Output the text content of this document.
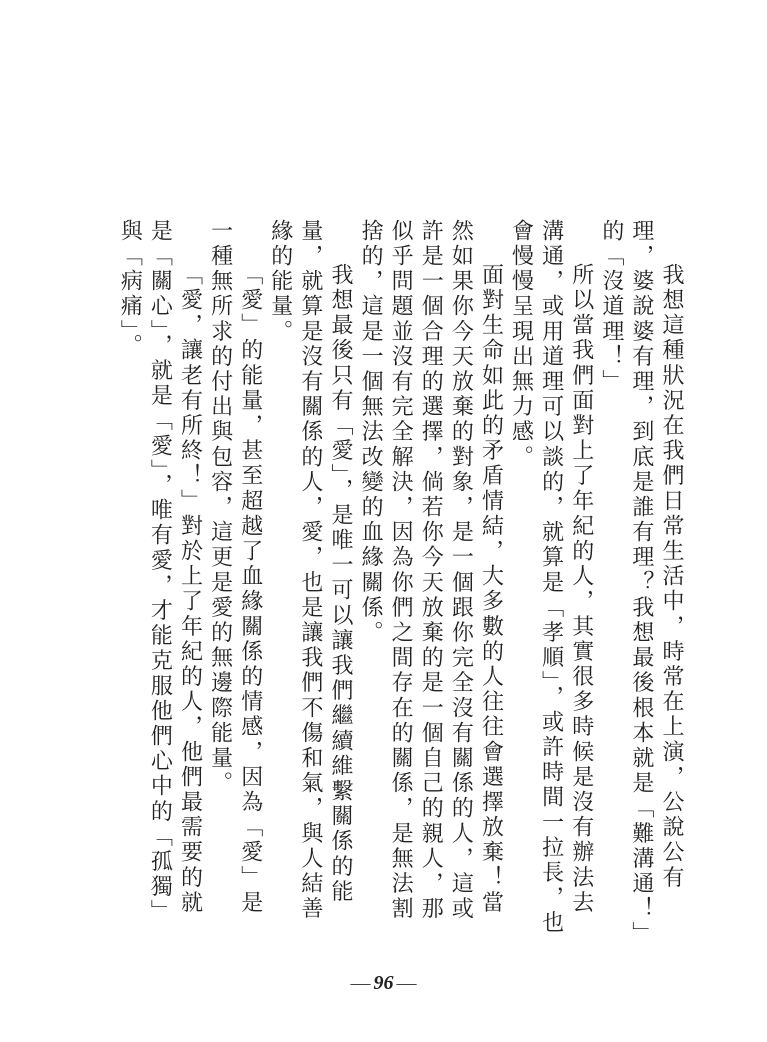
我想這種狀況在我們日常生活中，時常在上演，公說公有理，婆說婆有理，到底是誰有理？我想最後根本就是「難溝通！」的「沒道理！」

所以當我們面對上了年紀的人，其實很多時候是沒有辦法去溝通，或用道理可以談的，就算是「孝順」，或許時間一拉長，也會慢慢呈現出無力感。

面對生命如此的矛盾情結，大多數的人往往會選擇放棄！當然如果你今天放棄的對象，是一個跟你完全沒有關係的人，這或許是一個合理的選擇，倘若你今天放棄的是一個自己的親人，那似乎問題並沒有完全解決，因為你們之間存在的關係，是無法割捨的，這是一個無法改變的血緣關係。

我想最後只有「愛」，是唯一可以讓我們繼續維繫關係的能量，就算是沒有關係的人，愛，也是讓我們不傷和氣，與人結善緣的能量。

「愛」的能量，甚至超越了血緣關係的情感，因為「愛」是一種無所求的付出與包容，這更是愛的無邊際能量。

「愛，讓老有所終！」對於上了年紀的人，他們最需要的就是「關心」，就是「愛」，唯有愛，才能克服他們心中的「孤獨」與「病痛」。

— 96 —
